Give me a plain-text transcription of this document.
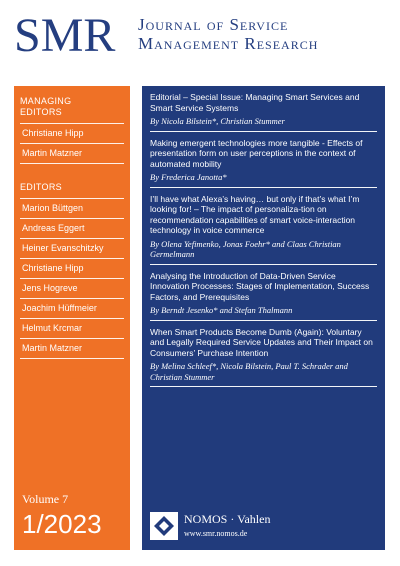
SMR Journal of Service
Management Research
MANAGING
EDITORS
Christiane Hipp
Martin Matzner
EDITORS
Marion Büttgen
Andreas Eggert
Heiner Evanschitzky
Christiane Hipp
Jens Hogreve
Joachim Hüffmeier
Helmut Krcmar
Martin Matzner
Volume 7
1/2023
Editorial – Special Issue: Managing Smart Services and Smart Service Systems
By Nicola Bilstein*, Christian Stummer
Making emergent technologies more tangible - Effects of presentation form on user perceptions in the context of automated mobility
By Frederica Janotta*
I’ll have what Alexa’s having… but only if that’s what I’m looking for! – The impact of personaliza-tion on recommendation capabilities of smart voice-interaction technology in voice commerce
By Olena Yefimenko, Jonas Foehr* and Claas Christian Germelmann
Analysing the Introduction of Data-Driven Service Innovation Processes: Stages of Implementation, Success Factors, and Prerequisites
By Berndt Jesenko* and Stefan Thalmann
When Smart Products Become Dumb (Again): Voluntary and Legally Required Service Updates and Their Impact on Consumers’ Purchase Intention
By Melina Schleef*, Nicola Bilstein, Paul T. Schrader and Christian Stummer
NOMOS · Vahlen
www.smr.nomos.de
